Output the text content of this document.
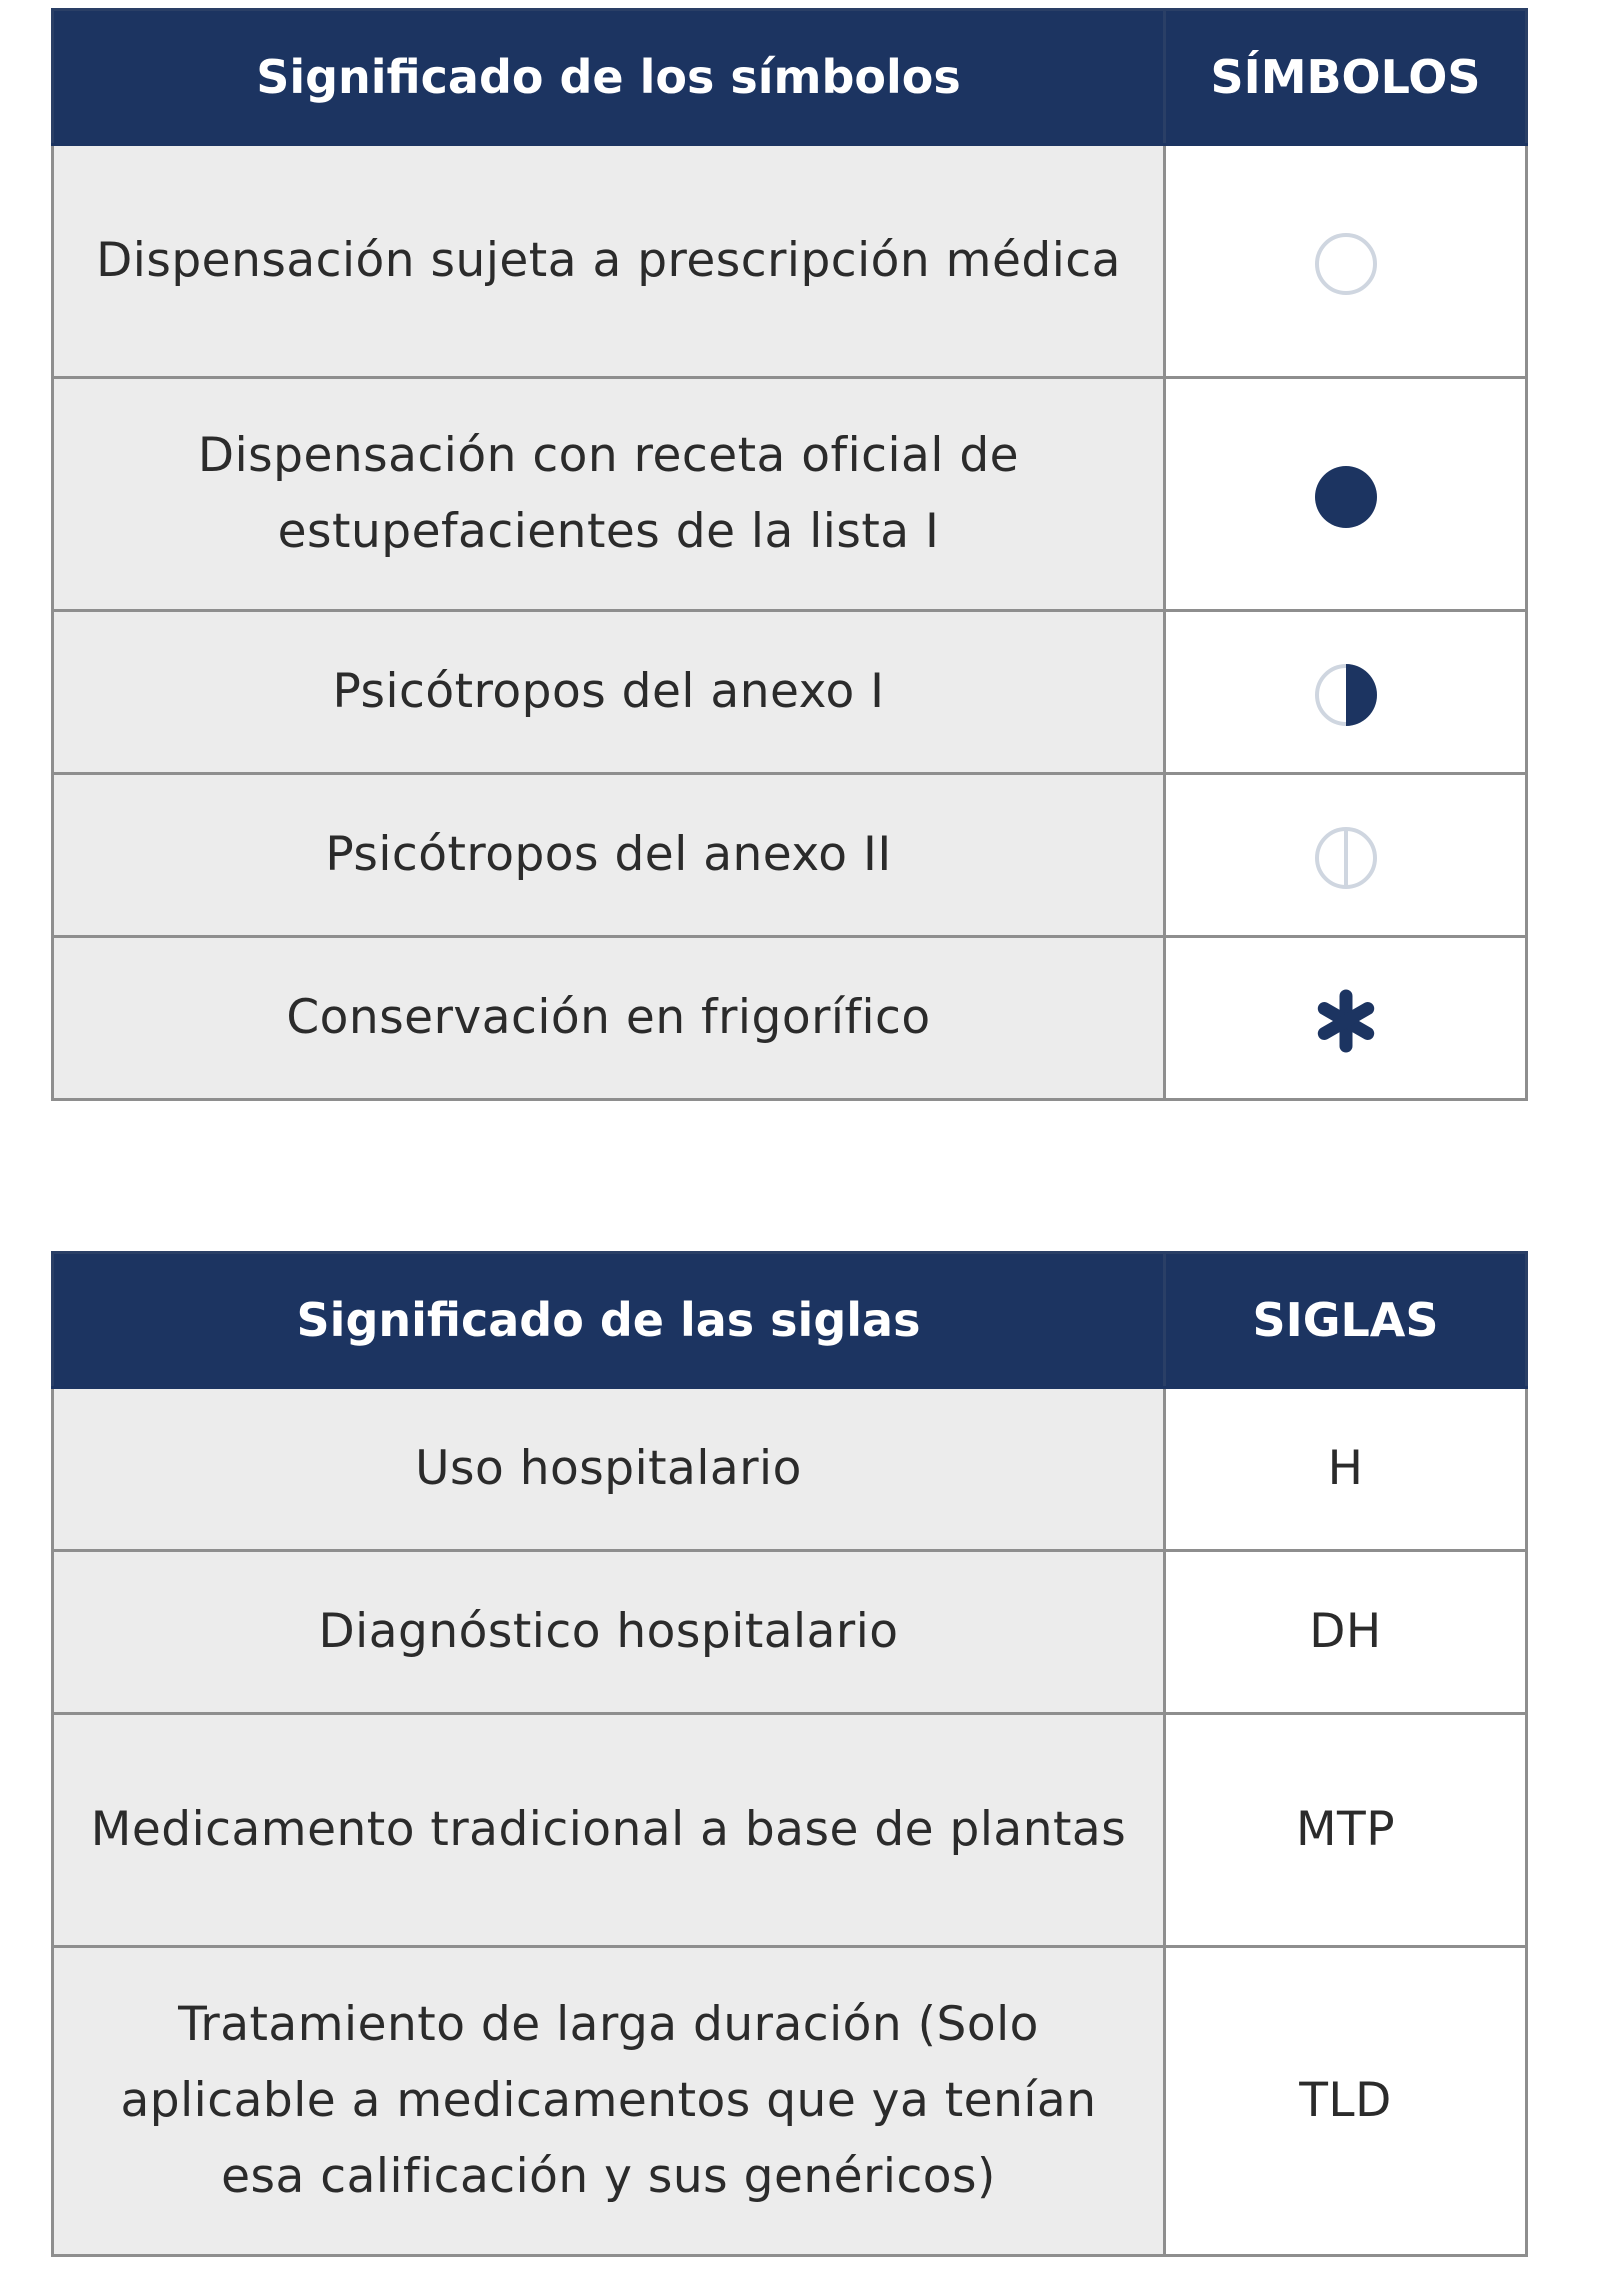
Significado de los símbolos	SÍMBOLOS
Dispensación sujeta a prescripción médica	
Dispensación con receta oficial de estupefacientes de la lista I	
Psicótropos del anexo I	
Psicótropos del anexo II	
Conservación en frigorífico	
Significado de las siglas	SIGLAS
Uso hospitalario	H
Diagnóstico hospitalario	DH
Medicamento tradicional a base de plantas	MTP
Tratamiento de larga duración (Solo aplicable a medicamentos que ya tenían esa calificación y sus genéricos)	TLD
